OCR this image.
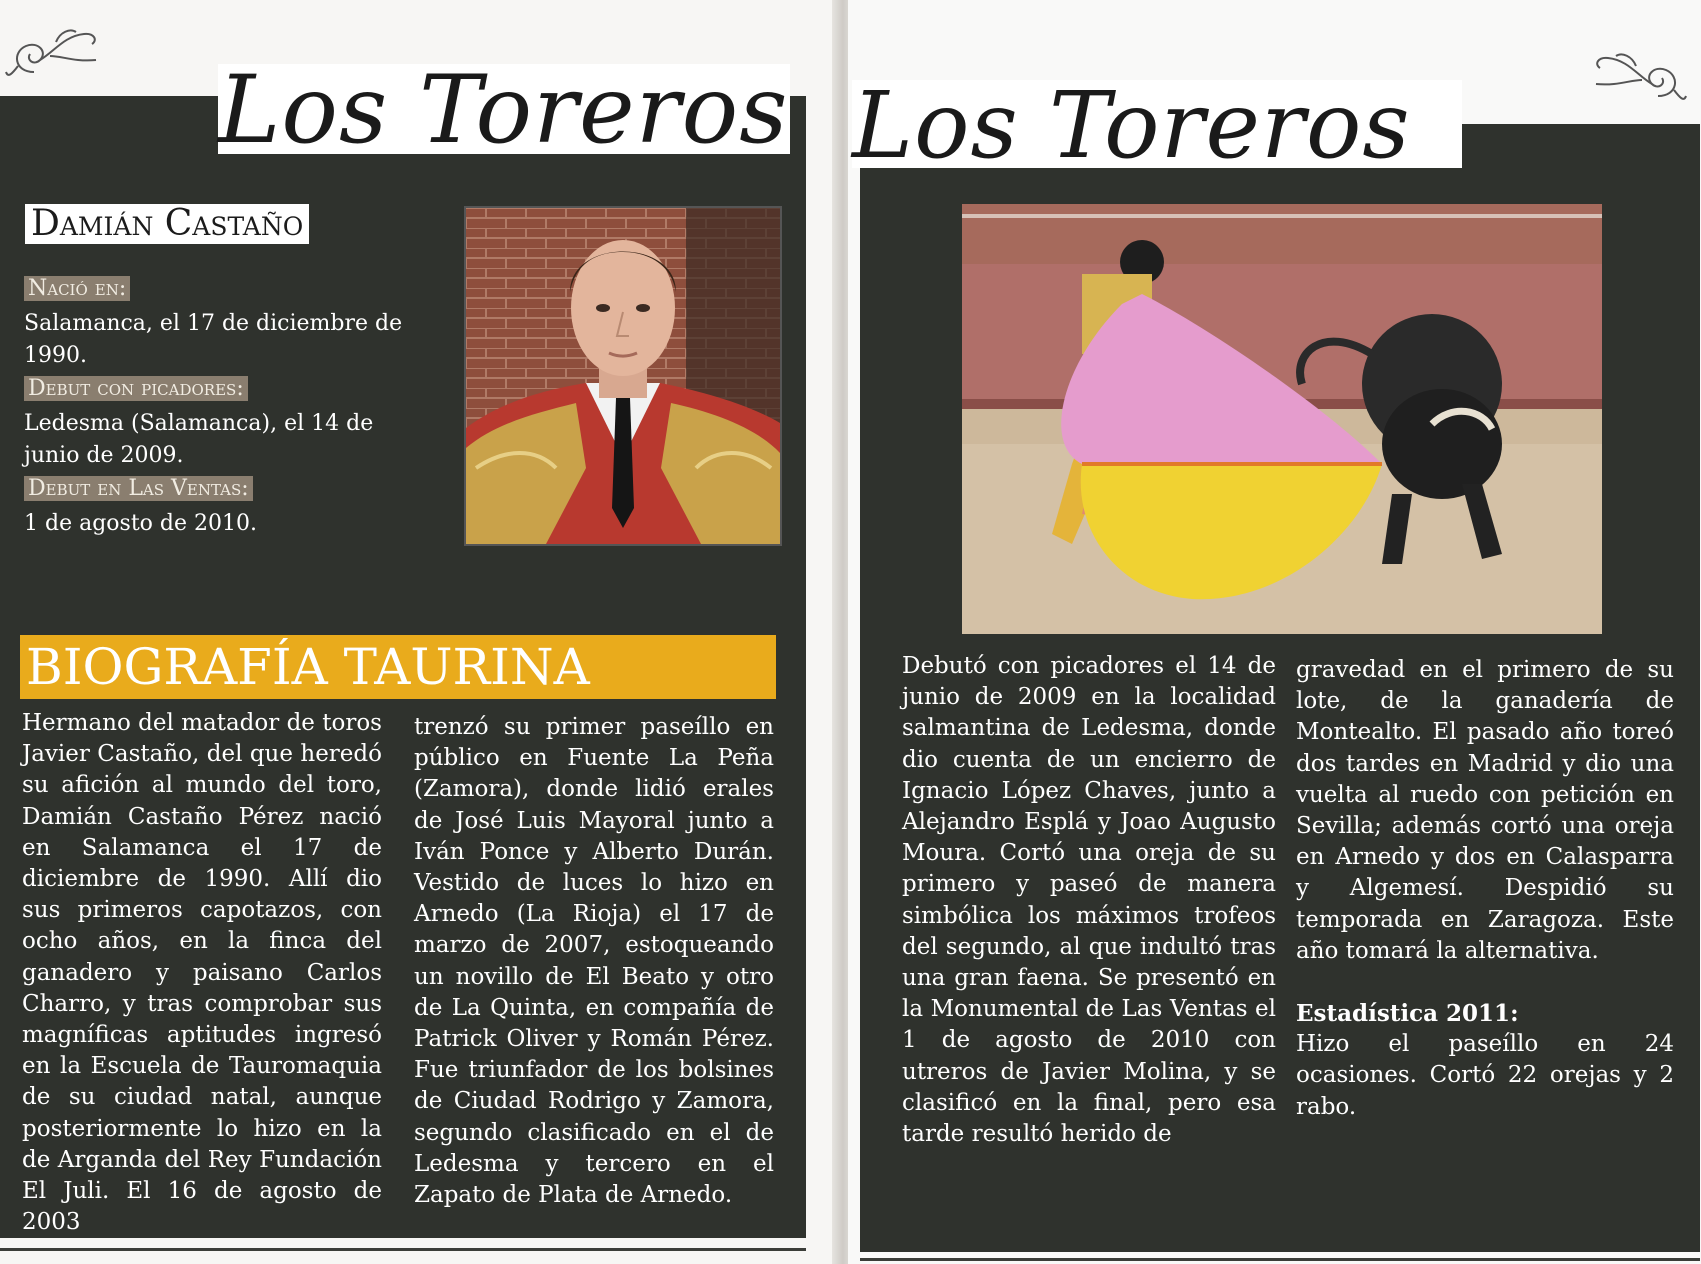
Los Toreros
Damián Castaño
Nació en:
Salamanca, el 17 de diciembre de 1990.
Debut con picadores:
Ledesma (Salamanca), el 14 de junio de 2009.
Debut en Las Ventas:
1 de agosto de 2010.
BIOGRAFÍA TAURINA

Hermano del matador de toros Javier Castaño, del que heredó su afición al mundo del toro, Damián Castaño Pérez nació en Salamanca el 17 de diciembre de 1990. Allí dio sus primeros capotazos, con ocho años, en la finca del ganadero y paisano Carlos Charro, y tras comprobar sus magníficas aptitudes ingresó en la Escuela de Tauromaquia de su ciudad natal, aunque posteriormente lo hizo en la de Arganda del Rey Fundación El Juli. El 16 de agosto de 2003

trenzó su primer paseíllo en público en Fuente La Peña (Zamora), donde lidió erales de José Luis Mayoral junto a Iván Ponce y Alberto Durán. Vestido de luces lo hizo en Arnedo (La Rioja) el 17 de marzo de 2007, estoqueando un novillo de El Beato y otro de La Quinta, en compañía de Patrick Oliver y Román Pérez. Fue triunfador de los bolsines de Ciudad Rodrigo y Zamora, segundo clasificado en el de Ledesma y tercero en el Zapato de Plata de Arnedo.

Los Toreros

Debutó con picadores el 14 de junio de 2009 en la localidad salmantina de Ledesma, donde dio cuenta de un encierro de Ignacio López Chaves, junto a Alejandro Esplá y Joao Augusto Moura. Cortó una oreja de su primero y paseó de manera simbólica los máximos trofeos del segundo, al que indultó tras una gran faena. Se presentó en la Monumental de Las Ventas el 1 de agosto de 2010 con utreros de Javier Molina, y se clasificó en la final, pero esa tarde resultó herido de

gravedad en el primero de su lote, de la ganadería de Montealto. El pasado año toreó dos tardes en Madrid y dio una vuelta al ruedo con petición en Sevilla; además cortó una oreja en Arnedo y dos en Calasparra y Algemesí. Despidió su temporada en Zaragoza. Este año tomará la alternativa.

Estadística 2011:

Hizo el paseíllo en 24 ocasiones. Cortó 22 orejas y 2 rabo.
